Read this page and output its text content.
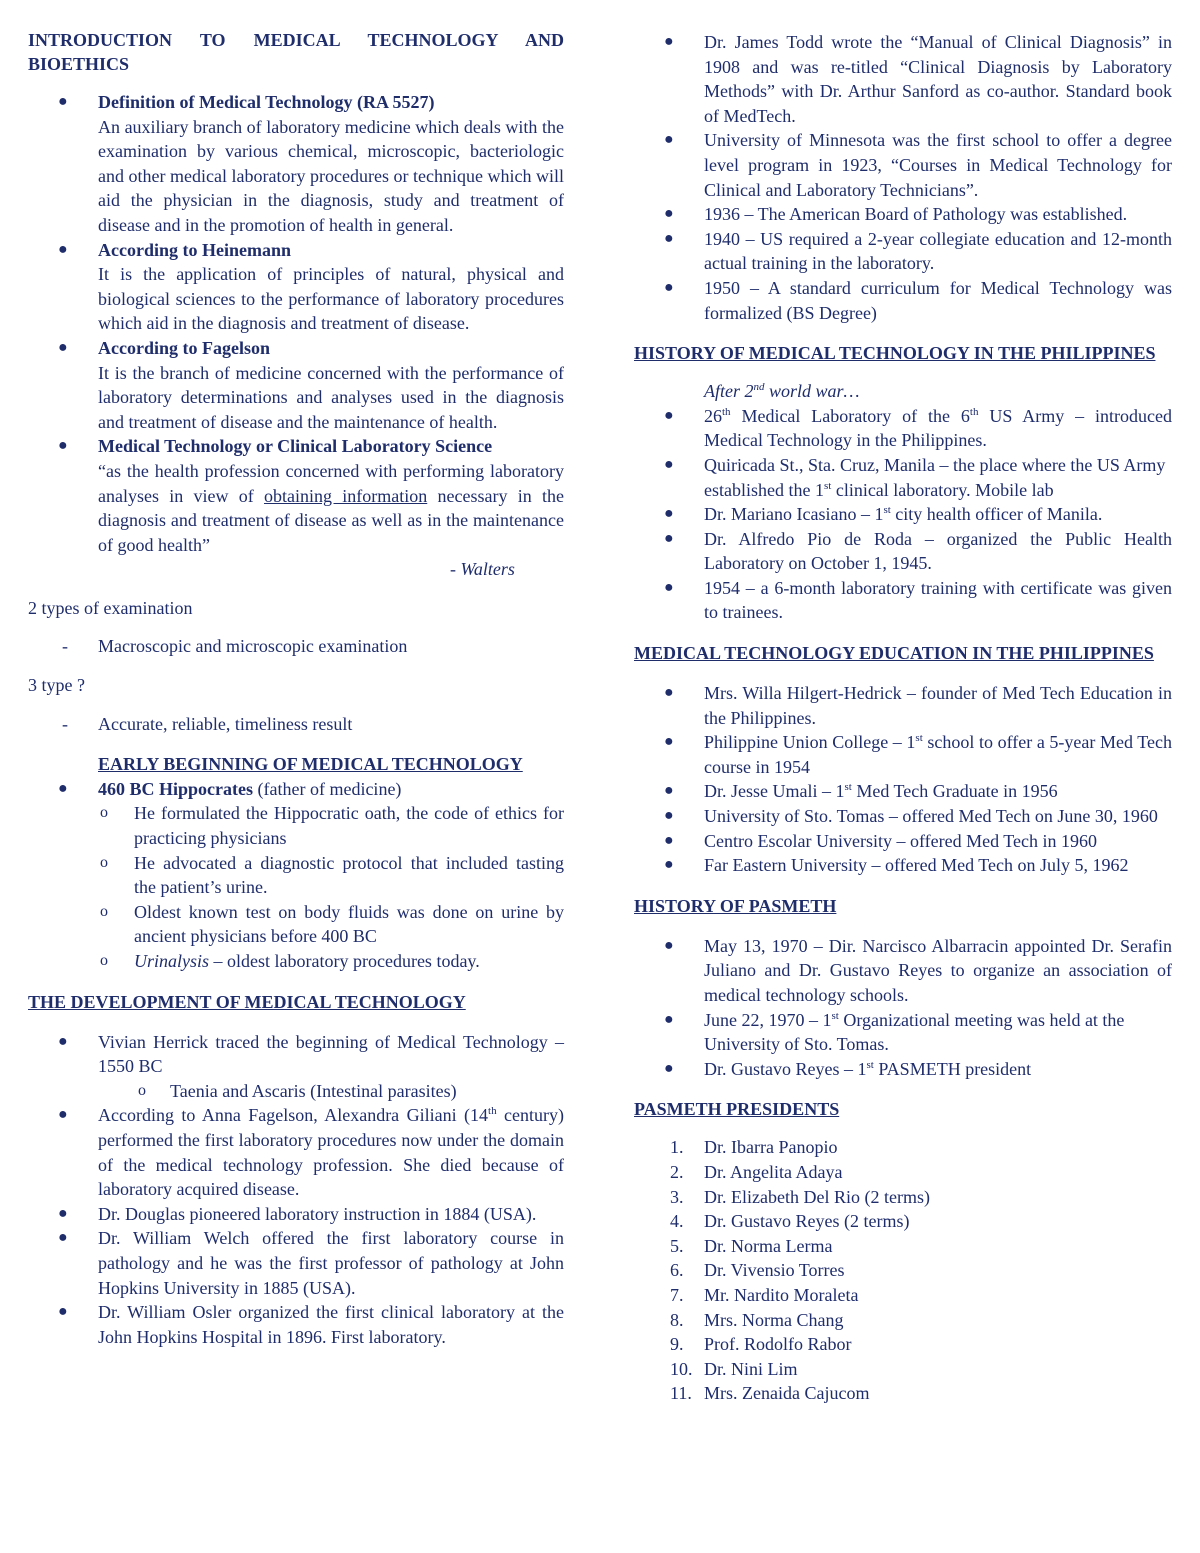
INTRODUCTION TO MEDICAL TECHNOLOGY AND BIOETHICS
● Definition of Medical Technology (RA 5527)
An auxiliary branch of laboratory medicine which deals with the examination by various chemical, microscopic, bacteriologic and other medical laboratory procedures or technique which will aid the physician in the diagnosis, study and treatment of disease and in the promotion of health in general.
● According to Heinemann
It is the application of principles of natural, physical and biological sciences to the performance of laboratory procedures which aid in the diagnosis and treatment of disease.
● According to Fagelson
It is the branch of medicine concerned with the performance of laboratory determinations and analyses used in the diagnosis and treatment of disease and the maintenance of health.
● Medical Technology or Clinical Laboratory Science
“as the health profession concerned with performing laboratory analyses in view of obtaining information necessary in the diagnosis and treatment of disease as well as in the maintenance of good health”
- Walters
2 types of examination
- Macroscopic and microscopic examination
3 type ?
- Accurate, reliable, timeliness result
EARLY BEGINNING OF MEDICAL TECHNOLOGY
● 460 BC Hippocrates (father of medicine)
o He formulated the Hippocratic oath, the code of ethics for practicing physicians
o He advocated a diagnostic protocol that included tasting the patient’s urine.
o Oldest known test on body fluids was done on urine by ancient physicians before 400 BC
o Urinalysis – oldest laboratory procedures today.
THE DEVELOPMENT OF MEDICAL TECHNOLOGY
● Vivian Herrick traced the beginning of Medical Technology – 1550 BC
o Taenia and Ascaris (Intestinal parasites)
● According to Anna Fagelson, Alexandra Giliani (14th century) performed the first laboratory procedures now under the domain of the medical technology profession. She died because of laboratory acquired disease.
● Dr. Douglas pioneered laboratory instruction in 1884 (USA).
● Dr. William Welch offered the first laboratory course in pathology and he was the first professor of pathology at John Hopkins University in 1885 (USA).
● Dr. William Osler organized the first clinical laboratory at the John Hopkins Hospital in 1896. First laboratory.
● Dr. James Todd wrote the “Manual of Clinical Diagnosis” in 1908 and was re-titled “Clinical Diagnosis by Laboratory Methods” with Dr. Arthur Sanford as co-author. Standard book of MedTech.
● University of Minnesota was the first school to offer a degree level program in 1923, “Courses in Medical Technology for Clinical and Laboratory Technicians”.
● 1936 – The American Board of Pathology was established.
● 1940 – US required a 2-year collegiate education and 12-month actual training in the laboratory.
● 1950 – A standard curriculum for Medical Technology was formalized (BS Degree)
HISTORY OF MEDICAL TECHNOLOGY IN THE PHILIPPINES
After 2nd world war…
● 26th Medical Laboratory of the 6th US Army – introduced Medical Technology in the Philippines.
● Quiricada St., Sta. Cruz, Manila – the place where the US Army established the 1st clinical laboratory. Mobile lab
● Dr. Mariano Icasiano – 1st city health officer of Manila.
● Dr. Alfredo Pio de Roda – organized the Public Health Laboratory on October 1, 1945.
● 1954 – a 6-month laboratory training with certificate was given to trainees.
MEDICAL TECHNOLOGY EDUCATION IN THE PHILIPPINES
● Mrs. Willa Hilgert-Hedrick – founder of Med Tech Education in the Philippines.
● Philippine Union College – 1st school to offer a 5-year Med Tech course in 1954
● Dr. Jesse Umali – 1st Med Tech Graduate in 1956
● University of Sto. Tomas – offered Med Tech on June 30, 1960
● Centro Escolar University – offered Med Tech in 1960
● Far Eastern University – offered Med Tech on July 5, 1962
HISTORY OF PASMETH
● May 13, 1970 – Dir. Narcisco Albarracin appointed Dr. Serafin Juliano and Dr. Gustavo Reyes to organize an association of medical technology schools.
● June 22, 1970 – 1st Organizational meeting was held at the University of Sto. Tomas.
● Dr. Gustavo Reyes – 1st PASMETH president
PASMETH PRESIDENTS
1. Dr. Ibarra Panopio
2. Dr. Angelita Adaya
3. Dr. Elizabeth Del Rio (2 terms)
4. Dr. Gustavo Reyes (2 terms)
5. Dr. Norma Lerma
6. Dr. Vivensio Torres
7. Mr. Nardito Moraleta
8. Mrs. Norma Chang
9. Prof. Rodolfo Rabor
10. Dr. Nini Lim
11. Mrs. Zenaida Cajucom
